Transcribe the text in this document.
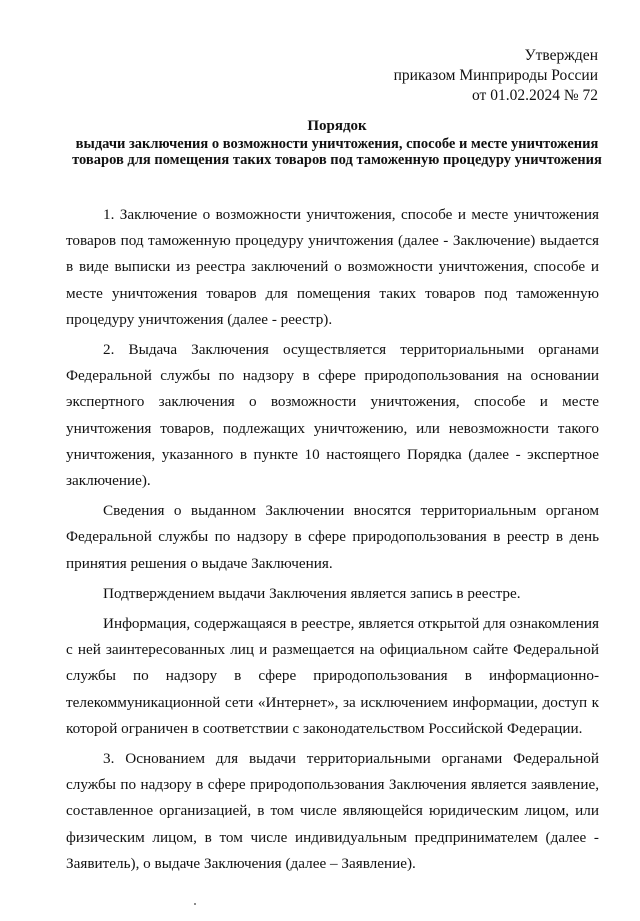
Утвержден
приказом Минприроды России
от 01.02.2024 № 72
Порядок
выдачи заключения о возможности уничтожения, способе и месте уничтожения товаров для помещения таких товаров под таможенную процедуру уничтожения

1. Заключение о возможности уничтожения, способе и месте уничтожения товаров под таможенную процедуру уничтожения (далее - Заключение) выдается в виде выписки из реестра заключений о возможности уничтожения, способе и месте уничтожения товаров для помещения таких товаров под таможенную процедуру уничтожения (далее - реестр).

2. Выдача Заключения осуществляется территориальными органами Федеральной службы по надзору в сфере природопользования на основании экспертного заключения о возможности уничтожения, способе и месте уничтожения товаров, подлежащих уничтожению, или невозможности такого уничтожения, указанного в пункте 10 настоящего Порядка (далее - экспертное заключение).

Сведения о выданном Заключении вносятся территориальным органом Федеральной службы по надзору в сфере природопользования в реестр в день принятия решения о выдаче Заключения.

Подтверждением выдачи Заключения является запись в реестре.

Информация, содержащаяся в реестре, является открытой для ознакомления с ней заинтересованных лиц и размещается на официальном сайте Федеральной службы по надзору в сфере природопользования в информационно-телекоммуникационной сети «Интернет», за исключением информации, доступ к которой ограничен в соответствии с законодательством Российской Федерации.

3. Основанием для выдачи территориальными органами Федеральной службы по надзору в сфере природопользования Заключения является заявление, составленное организацией, в том числе являющейся юридическим лицом, или физическим лицом, в том числе индивидуальным предпринимателем (далее - Заявитель), о выдаче Заключения (далее – Заявление).
